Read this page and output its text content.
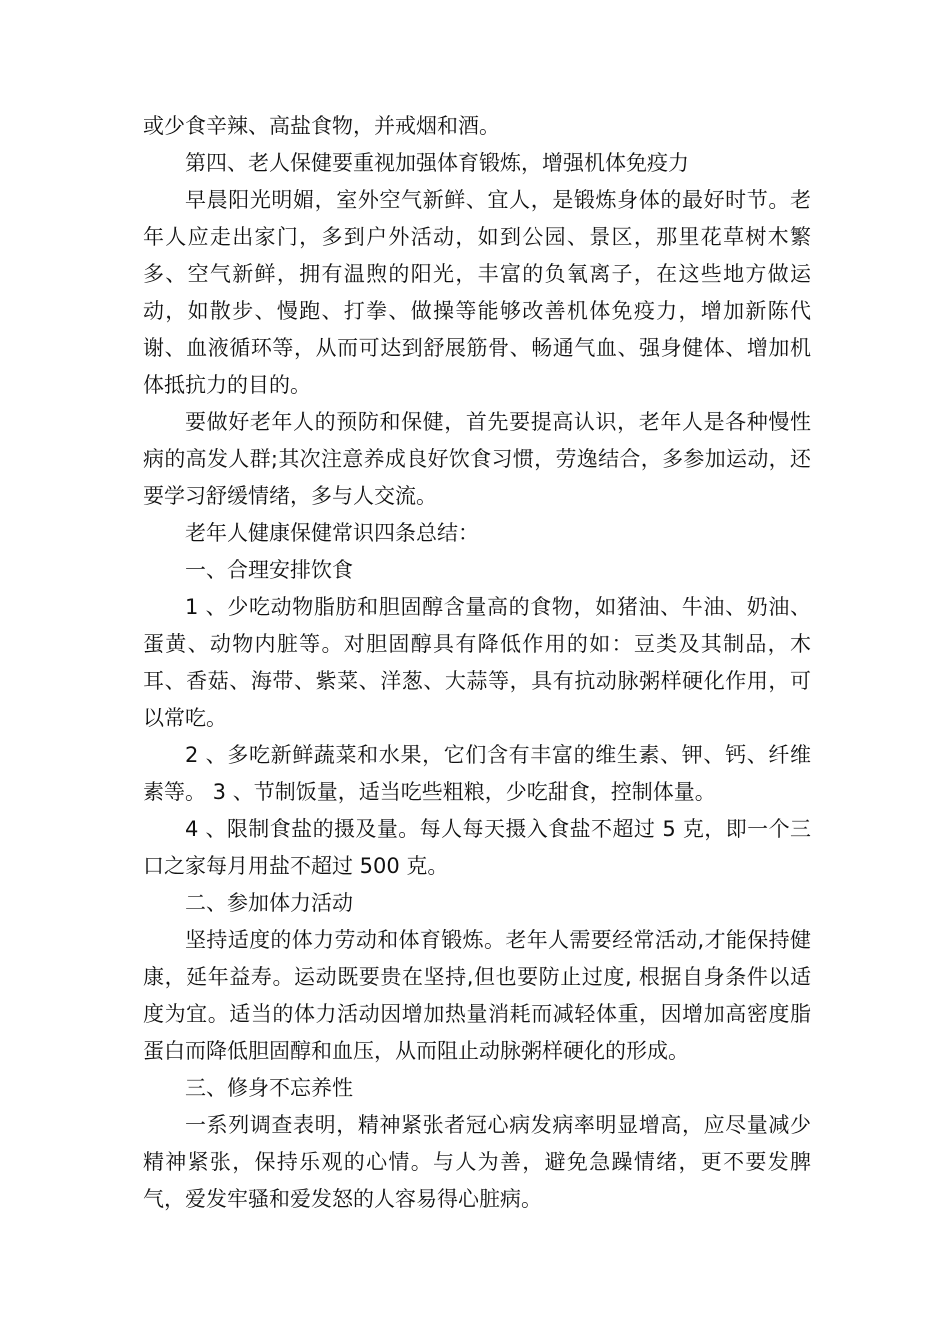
或少食辛辣、高盐食物，并戒烟和酒。

第四、老人保健要重视加强体育锻炼，增强机体免疫力

早晨阳光明媚，室外空气新鲜、宜人，是锻炼身体的最好时节。老年人应走出家门，多到户外活动，如到公园、景区，那里花草树木繁多、空气新鲜，拥有温煦的阳光，丰富的负氧离子，在这些地方做运动，如散步、慢跑、打拳、做操等能够改善机体免疫力，增加新陈代谢、血液循环等，从而可达到舒展筋骨、畅通气血、强身健体、增加机体抵抗力的目的。

要做好老年人的预防和保健，首先要提高认识，老年人是各种慢性病的高发人群;其次注意养成良好饮食习惯，劳逸结合，多参加运动，还要学习舒缓情绪，多与人交流。

老年人健康保健常识四条总结：

一、合理安排饮食

1 、少吃动物脂肪和胆固醇含量高的食物，如猪油、牛油、奶油、蛋黄、动物内脏等。对胆固醇具有降低作用的如：豆类及其制品，木耳、香菇、海带、紫菜、洋葱、大蒜等，具有抗动脉粥样硬化作用，可以常吃。

2 、多吃新鲜蔬菜和水果，它们含有丰富的维生素、钾、钙、纤维素等。 3 、节制饭量，适当吃些粗粮，少吃甜食，控制体量。

4 、限制食盐的摄及量。每人每天摄入食盐不超过 5 克，即一个三口之家每月用盐不超过 500 克。

二、参加体力活动

坚持适度的体力劳动和体育锻炼。老年人需要经常活动,才能保持健康，延年益寿。运动既要贵在坚持,但也要防止过度, 根据自身条件以适度为宜。适当的体力活动因增加热量消耗而减轻体重，因增加高密度脂蛋白而降低胆固醇和血压，从而阻止动脉粥样硬化的形成。

三、修身不忘养性

一系列调查表明，精神紧张者冠心病发病率明显增高，应尽量减少精神紧张，保持乐观的心情。与人为善，避免急躁情绪，更不要发脾气，爱发牢骚和爱发怒的人容易得心脏病。
